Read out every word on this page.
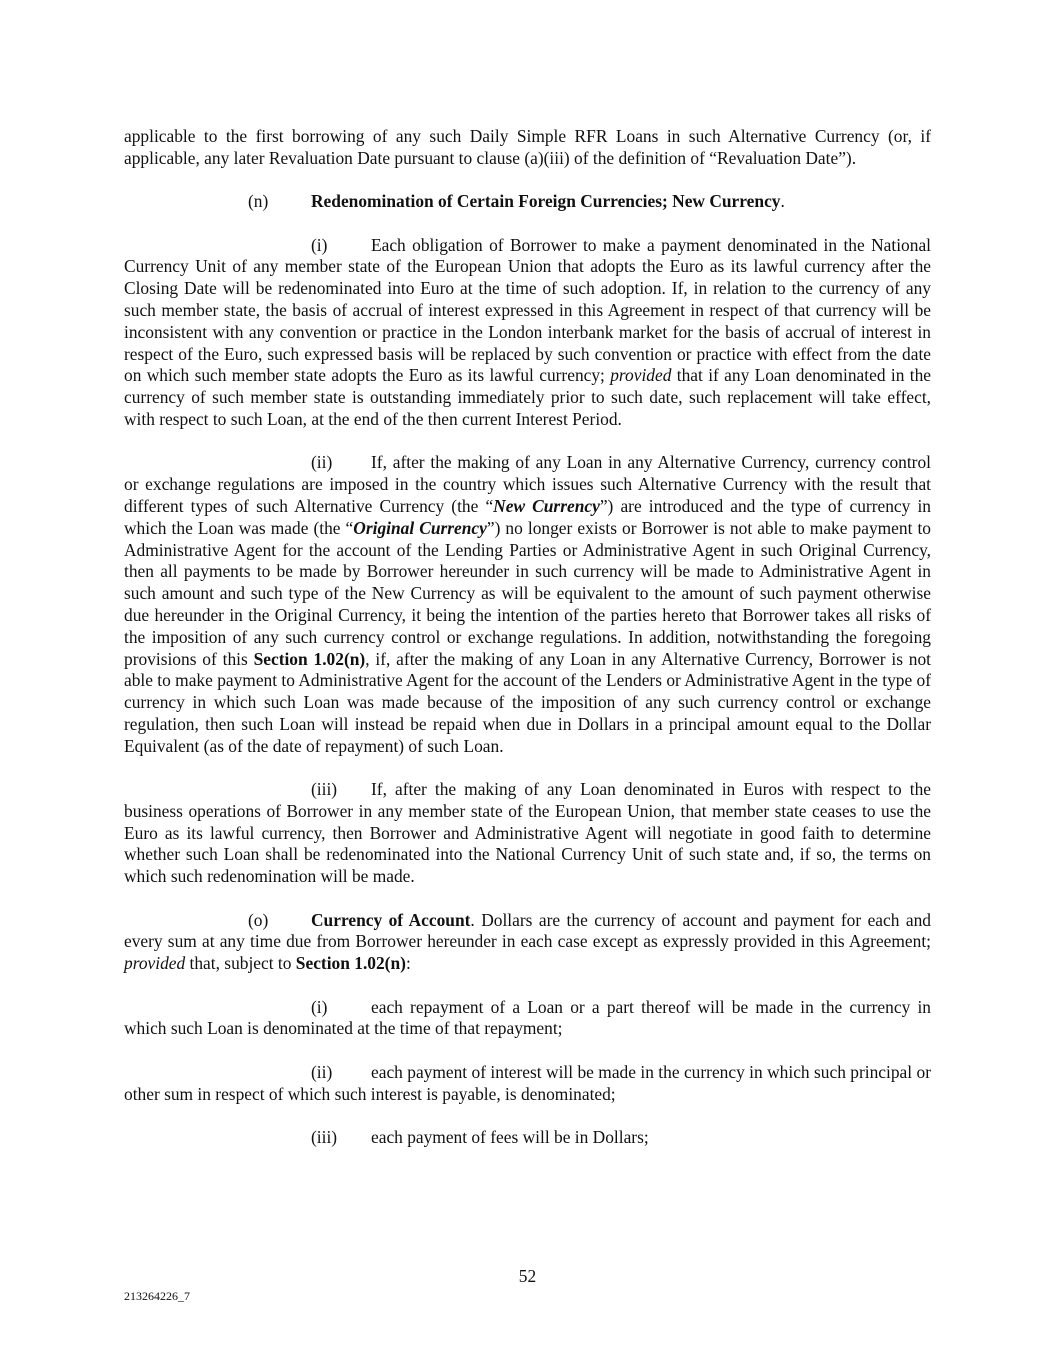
applicable to the first borrowing of any such Daily Simple RFR Loans in such Alternative Currency (or, if applicable, any later Revaluation Date pursuant to clause (a)(iii) of the definition of “Revaluation Date”).

(n) Redenomination of Certain Foreign Currencies; New Currency.

(i)	Each obligation of Borrower to make a payment denominated in the National Currency Unit of any member state of the European Union that adopts the Euro as its lawful currency after the Closing Date will be redenominated into Euro at the time of such adoption. If, in relation to the currency of any such member state, the basis of accrual of interest expressed in this Agreement in respect of that currency will be inconsistent with any convention or practice in the London interbank market for the basis of accrual of interest in respect of the Euro, such expressed basis will be replaced by such convention or practice with effect from the date on which such member state adopts the Euro as its lawful currency; provided that if any Loan denominated in the currency of such member state is outstanding immediately prior to such date, such replacement will take effect, with respect to such Loan, at the end of the then current Interest Period.

(ii) If, after the making of any Loan in any Alternative Currency, currency control or exchange regulations are imposed in the country which issues such Alternative Currency with the result that different types of such Alternative Currency (the “New Currency”) are introduced and the type of currency in which the Loan was made (the “Original Currency”) no longer exists or Borrower is not able to make payment to Administrative Agent for the account of the Lending Parties or Administrative Agent in such Original Currency, then all payments to be made by Borrower hereunder in such currency will be made to Administrative Agent in such amount and such type of the New Currency as will be equivalent to the amount of such payment otherwise due hereunder in the Original Currency, it being the intention of the parties hereto that Borrower takes all risks of the imposition of any such currency control or exchange regulations. In addition, notwithstanding the foregoing provisions of this Section 1.02(n), if, after the making of any Loan in any Alternative Currency, Borrower is not able to make payment to Administrative Agent for the account of the Lenders or Administrative Agent in the type of currency in which such Loan was made because of the imposition of any such currency control or exchange regulation, then such Loan will instead be repaid when due in Dollars in a principal amount equal to the Dollar Equivalent (as of the date of repayment) of such Loan.

(iii) If, after the making of any Loan denominated in Euros with respect to the business operations of Borrower in any member state of the European Union, that member state ceases to use the Euro as its lawful currency, then Borrower and Administrative Agent will negotiate in good faith to determine whether such Loan shall be redenominated into the National Currency Unit of such state and, if so, the terms on which such redenomination will be made.

(o) Currency of Account. Dollars are the currency of account and payment for each and every sum at any time due from Borrower hereunder in each case except as expressly provided in this Agreement; provided that, subject to Section 1.02(n):

(i)	each repayment of a Loan or a part thereof will be made in the currency in which such Loan is denominated at the time of that repayment;

(ii) each payment of interest will be made in the currency in which such principal or other sum in respect of which such interest is payable, is denominated;

(iii) each payment of fees will be in Dollars;

52
213264226_7
